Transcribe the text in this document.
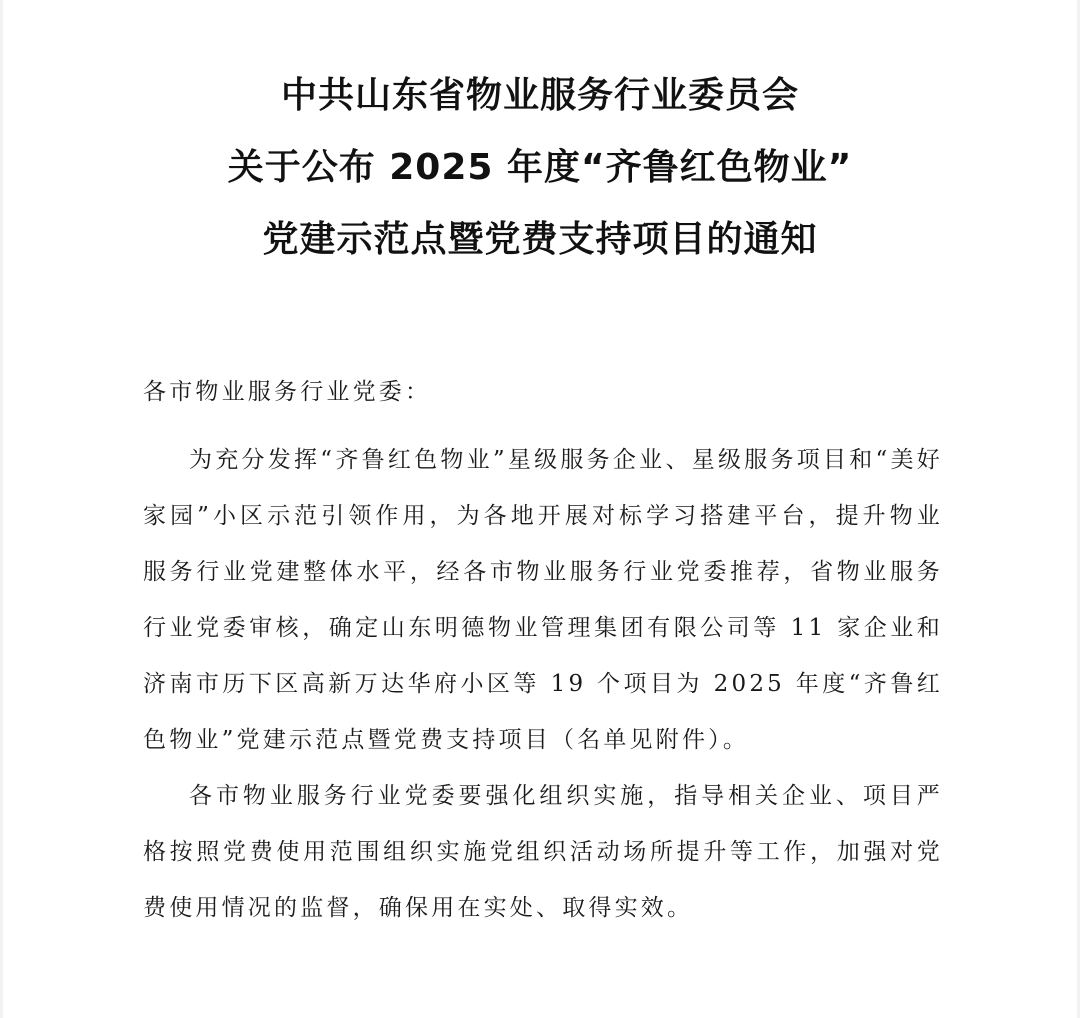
中共山东省物业服务行业委员会
关于公布 2025 年度“齐鲁红色物业”
党建示范点暨党费支持项目的通知
各市物业服务行业党委：

为充分发挥“齐鲁红色物业”星级服务企业、星级服务项目和“美好家园”小区示范引领作用，为各地开展对标学习搭建平台，提升物业服务行业党建整体水平，经各市物业服务行业党委推荐，省物业服务行业党委审核，确定山东明德物业管理集团有限公司等 11 家企业和济南市历下区高新万达华府小区等 19 个项目为 2025 年度“齐鲁红色物业”党建示范点暨党费支持项目（名单见附件）。

各市物业服务行业党委要强化组织实施，指导相关企业、项目严格按照党费使用范围组织实施党组织活动场所提升等工作，加强对党费使用情况的监督，确保用在实处、取得实效。
